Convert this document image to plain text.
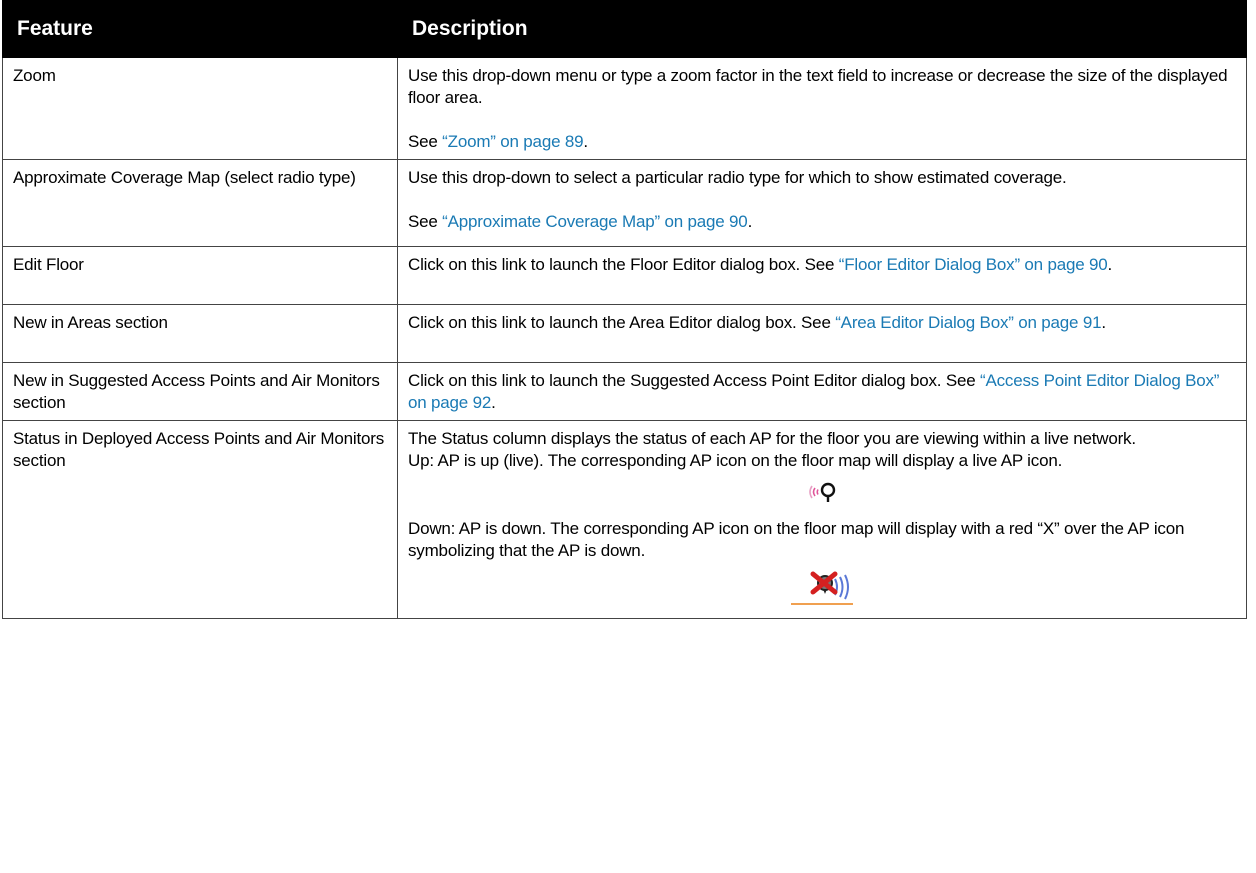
Feature	Description
Zoom	Use this drop-down menu or type a zoom factor in the text field to increase or decrease the size of the displayed floor area.
See “Zoom” on page 89.

Approximate Coverage Map (select radio type)	Use this drop-down to select a particular radio type for which to show estimated coverage.
See “Approximate Coverage Map” on page 90.

Edit Floor	Click on this link to launch the Floor Editor dialog box. See “Floor Editor Dialog Box” on page 90.
New in Areas section	Click on this link to launch the Area Editor dialog box. See “Area Editor Dialog Box” on page 91.
New in Suggested Access Points and Air Monitors section	Click on this link to launch the Suggested Access Point Editor dialog box. See “Access Point Editor Dialog Box” on page 92.
Status in Deployed Access Points and Air Monitors section	The Status column displays the status of each AP for the floor you are viewing within a live network.
Up: AP is up (live). The corresponding AP icon on the floor map will display a live AP icon.
Down: AP is down. The corresponding AP icon on the floor map will display with a red “X” over the AP icon symbolizing that the AP is down.
